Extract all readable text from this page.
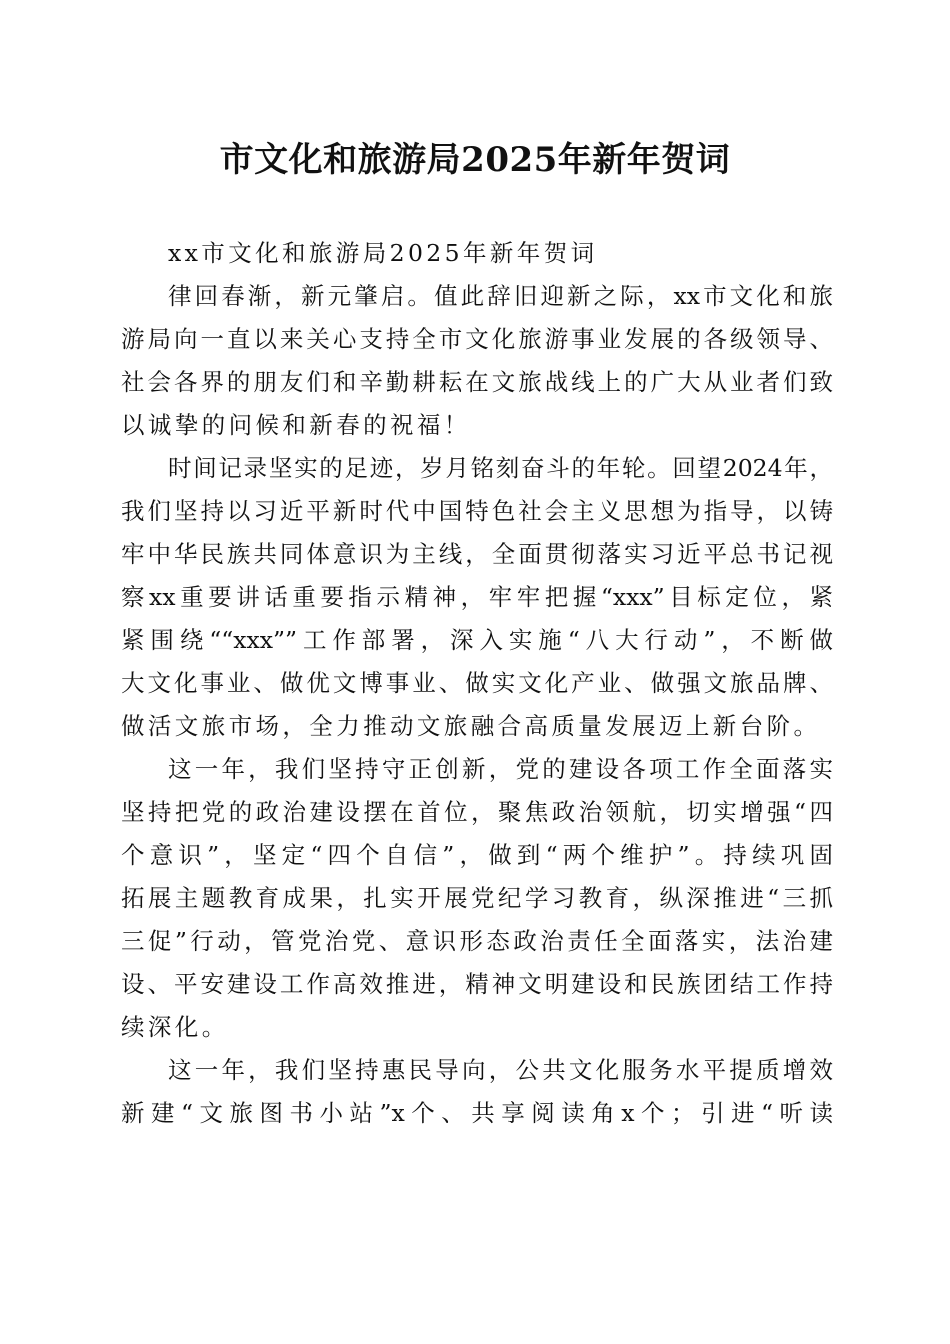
市文化和旅游局2025年新年贺词

xx市文化和旅游局2025年新年贺词

律回春渐，新元肇启。值此辞旧迎新之际，xx市文化和旅

游局向一直以来关心支持全市文化旅游事业发展的各级领导、

社会各界的朋友们和辛勤耕耘在文旅战线上的广大从业者们致

以诚挚的问候和新春的祝福！

时间记录坚实的足迹，岁月铭刻奋斗的年轮。回望2024年，

我们坚持以习近平新时代中国特色社会主义思想为指导，以铸

牢中华民族共同体意识为主线，全面贯彻落实习近平总书记视

察xx重要讲话重要指示精神，牢牢把握“xxx”目标定位，紧

紧围绕““xxx””工作部署，深入实施“八大行动”，不断做

大文化事业、做优文博事业、做实文化产业、做强文旅品牌、

做活文旅市场，全力推动文旅融合高质量发展迈上新台阶。

这一年，我们坚持守正创新，党的建设各项工作全面落实

坚持把党的政治建设摆在首位，聚焦政治领航，切实增强“四

个意识”，坚定“四个自信”，做到“两个维护”。持续巩固

拓展主题教育成果，扎实开展党纪学习教育，纵深推进“三抓

三促”行动，管党治党、意识形态政治责任全面落实，法治建

设、平安建设工作高效推进，精神文明建设和民族团结工作持

续深化。

这一年，我们坚持惠民导向，公共文化服务水平提质增效

新建“文旅图书小站”x个、共享阅读角x个；引进“听读
